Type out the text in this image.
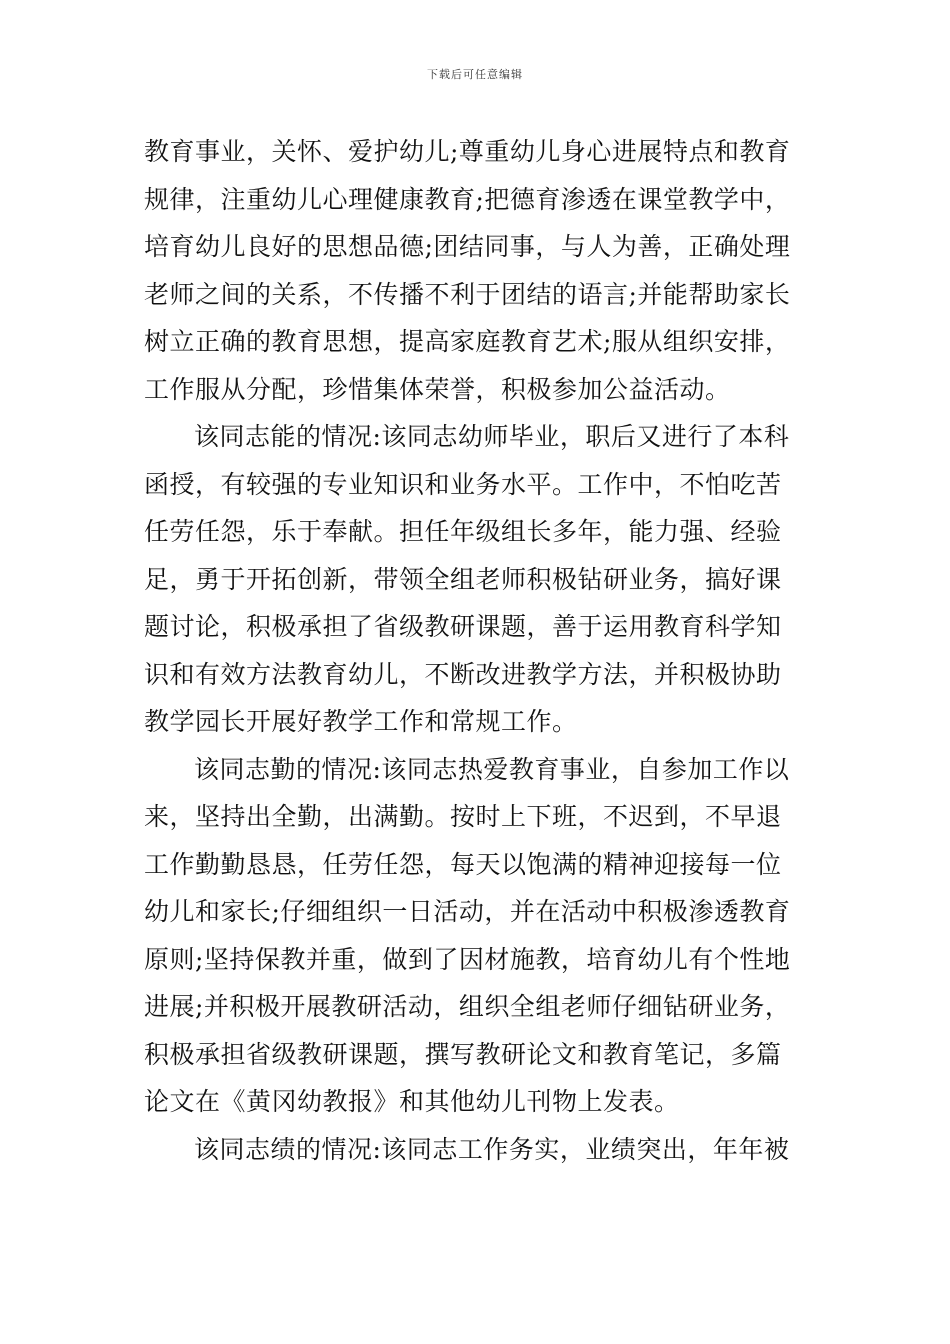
下载后可任意编辑
教育事业，关怀、爱护幼儿;尊重幼儿身心进展特点和教育
规律，注重幼儿心理健康教育;把德育渗透在课堂教学中，
培育幼儿良好的思想品德;团结同事，与人为善，正确处理
老师之间的关系，不传播不利于团结的语言;并能帮助家长
树立正确的教育思想，提高家庭教育艺术;服从组织安排，
工作服从分配，珍惜集体荣誉，积极参加公益活动。
该同志能的情况:该同志幼师毕业，职后又进行了本科
函授，有较强的专业知识和业务水平。工作中，不怕吃苦
任劳任怨，乐于奉献。担任年级组长多年，能力强、经验
足，勇于开拓创新，带领全组老师积极钻研业务，搞好课
题讨论，积极承担了省级教研课题，善于运用教育科学知
识和有效方法教育幼儿，不断改进教学方法，并积极协助
教学园长开展好教学工作和常规工作。
该同志勤的情况:该同志热爱教育事业，自参加工作以
来，坚持出全勤，出满勤。按时上下班，不迟到，不早退
工作勤勤恳恳，任劳任怨，每天以饱满的精神迎接每一位
幼儿和家长;仔细组织一日活动，并在活动中积极渗透教育
原则;坚持保教并重，做到了因材施教，培育幼儿有个性地
进展;并积极开展教研活动，组织全组老师仔细钻研业务，
积极承担省级教研课题，撰写教研论文和教育笔记，多篇
论文在《黄冈幼教报》和其他幼儿刊物上发表。
该同志绩的情况:该同志工作务实，业绩突出，年年被
